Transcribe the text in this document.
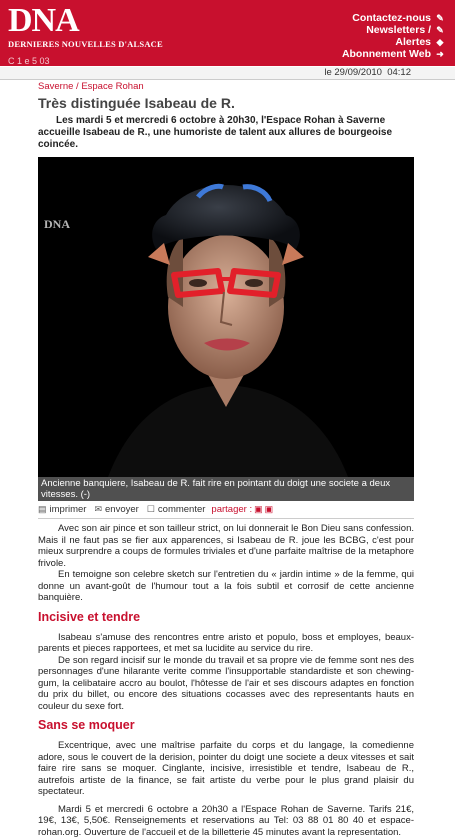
DNA
DERNIERES NOUVELLES D'ALSACE
C 1 e 5 03
Contactez-nous ✎
Newsletters / ✎
Alertes ◆
Abonnement Web ➜
le 29/09/2010 04:12
Saverne / Espace Rohan
Très distinguée Isabeau de R.

Les mardi 5 et mercredi 6 octobre à 20h30, l'Espace Rohan à Saverne accueille Isabeau de R., une humoriste de talent aux allures de bourgeoise coincée.

DNA
Ancienne banquiere, Isabeau de R. fait rire en pointant du doigt une societe a deux vitesses. (-)
▤ imprimer ✉ envoyer ☐ commenter partager : ▣ ▣

Avec son air pince et son tailleur strict, on lui donnerait le Bon Dieu sans confession. Mais il ne faut pas se fier aux apparences, si Isabeau de R. joue les BCBG, c'est pour mieux surprendre a coups de formules triviales et d'une parfaite maîtrise de la metaphore frivole.

En temoigne son celebre sketch sur l'entretien du « jardin intime » de la femme, qui donne un avant-goût de l'humour tout a la fois subtil et corrosif de cette ancienne banquière.

Incisive et tendre

Isabeau s'amuse des rencontres entre aristo et populo, boss et employes, beaux-parents et pieces rapportees, et met sa lucidite au service du rire.

De son regard incisif sur le monde du travail et sa propre vie de femme sont nes des personnages d'une hilarante verite comme l'insupportable standardiste et son chewing-gum, la celibataire accro au boulot, l'hôtesse de l'air et ses discours adaptes en fonction du prix du billet, ou encore des situations cocasses avec des representants hauts en couleur du sexe fort.

Sans se moquer

Excentrique, avec une maîtrise parfaite du corps et du langage, la comedienne adore, sous le couvert de la derision, pointer du doigt une societe a deux vitesses et sait faire rire sans se moquer. Cinglante, incisive, irresistible et tendre, Isabeau de R., autrefois artiste de la finance, se fait artiste du verbe pour le plus grand plaisir du spectateur.

Mardi 5 et mercredi 6 octobre a 20h30 a l'Espace Rohan de Saverne. Tarifs 21€, 19€, 13€, 5,50€. Renseignements et reservations au Tel: 03 88 01 80 40 et espace-rohan.org. Ouverture de l'accueil et de la billetterie 45 minutes avant la representation.
